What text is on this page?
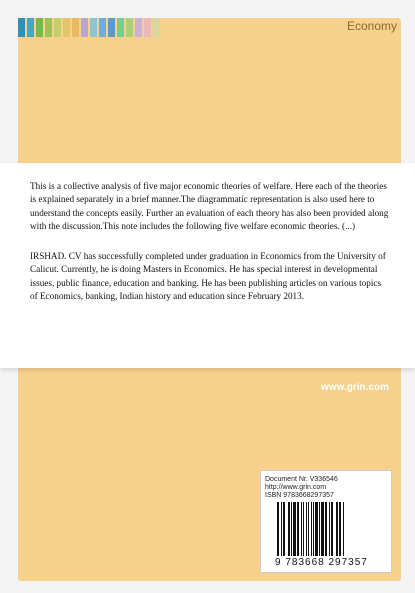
Economy

This is a collective analysis of five major economic theories of welfare. Here each of the theories is explained separately in a brief manner.The diagrammatic representation is also used here to understand the concepts easily. Further an evaluation of each theory has also been provided along with the discussion.This note includes the following five welfare economic theories. (...)

IRSHAD. CV has successfully completed under graduation in Economics from the University of Calicut. Currently, he is doing Masters in Economics. He has special interest in developmental issues, public finance, education and banking. He has been publishing articles on various topics of Economics, banking, Indian history and education since February 2013.

www.grin.com
Document Nr. V336546
http://www.grin.com
ISBN 9783668297357
9 783668 297357
